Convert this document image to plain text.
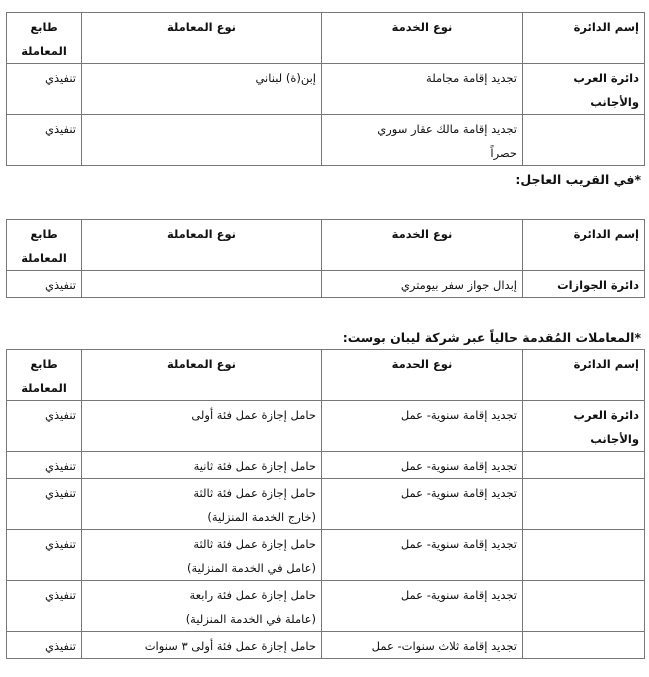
إسم الدائرة	نوع الخدمة	نوع المعاملة	طابع
المعاملة

دائرة العرب والأجانب	تجديد إقامة مجاملة	إبن(ة) لبناني	تنفيذي

	تجديد إقامة مالك عقار سوري
حصراً		تنفيذي
*في القريب العاجل:
إسم الدائرة	نوع الخدمة	نوع المعاملة	طابع
المعاملة

دائرة الجوازات	إبدال جواز سفر بيومتري		تنفيذي
*المعاملات المُقدمة حالياً عبر شركة ليبان بوست:
إسم الدائرة	نوع الحدمة	نوع المعاملة	طابع
المعاملة

دائرة العرب والأجانب	تجديد إقامة سنوية- عمل	حامل إجازة عمل فئة أولى	تنفيذي

	تجديد إقامة سنوية- عمل	حامل إجازة عمل فئة ثانية	تنفيذي

	تجديد إقامة سنوية- عمل	حامل إجازة عمل فئة ثالثة
(خارج الخدمة المنزلية)	تنفيذي

	تجديد إقامة سنوية- عمل	حامل إجازة عمل فئة ثالثة
(عامل في الخدمة المنزلية)	تنفيذي

	تجديد إقامة سنوية- عمل	حامل إجازة عمل فئة رابعة
(عاملة في الخدمة المنزلية)	تنفيذي

	تجديد إقامة ثلاث سنوات- عمل	حامل إجازة عمل فئة أولى ٣ سنوات	تنفيذي
